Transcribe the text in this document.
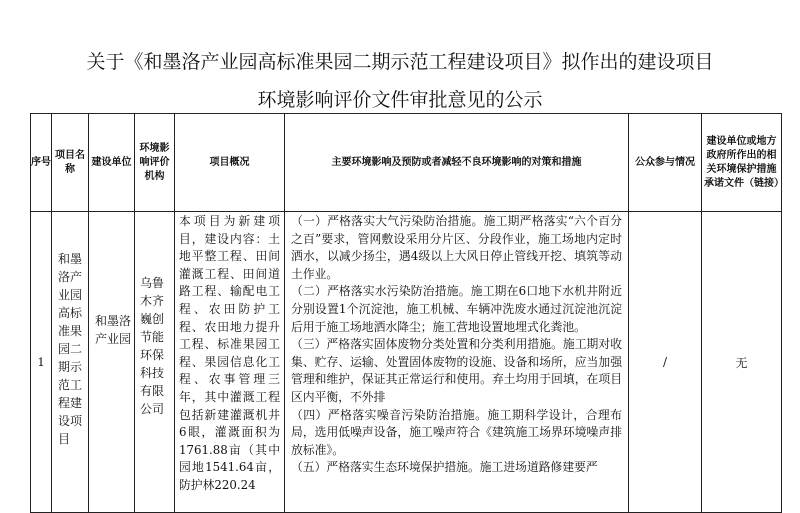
关于《和墨洛产业园高标准果园二期示范工程建设项目》拟作出的建设项目
环境影响评价文件审批意见的公示
序号	项目名称	建设单位	环境影响评价机构	项目概况	主要环境影响及预防或者减轻不良环境影响的对策和措施	公众参与情况	建设单位或地方政府所作出的相关环境保护措施承诺文件（链接）
1	和墨洛产业园高标准果园二期示范工程建设项目	和墨洛产业园	乌鲁木齐巍创节能环保科技有限公司	本项目为新建项目，建设内容：土地平整工程、田间灌溉工程、田间道路工程、输配电工程、农田防护工程、农田地力提升工程、标准果园工程、果园信息化工程、农事管理三年，其中灌溉工程包括新建灌溉机井6眼，灌溉面积为1761.88亩（其中园地1541.64亩，防护林220.24	（一）严格落实大气污染防治措施。施工期严格落实“六个百分之百”要求，管网敷设采用分片区、分段作业，施工场地内定时洒水，以减少扬尘，遇4级以上大风日停止管线开挖、填筑等动土作业。

（二）严格落实水污染防治措施。施工期在6口地下水机井附近分别设置1个沉淀池，施工机械、车辆冲洗废水通过沉淀池沉淀后用于施工场地洒水降尘；施工营地设置地埋式化粪池。

（三）严格落实固体废物分类处置和分类利用措施。施工期对收集、贮存、运输、处置固体废物的设施、设备和场所，应当加强管理和维护，保证其正常运行和使用。弃土均用于回填，在项目区内平衡，不外排

（四）严格落实噪音污染防治措施。施工期科学设计，合理布局，选用低噪声设备，施工噪声符合《建筑施工场界环境噪声排放标准》。

（五）严格落实生态环境保护措施。施工进场道路修建要严	/	无
